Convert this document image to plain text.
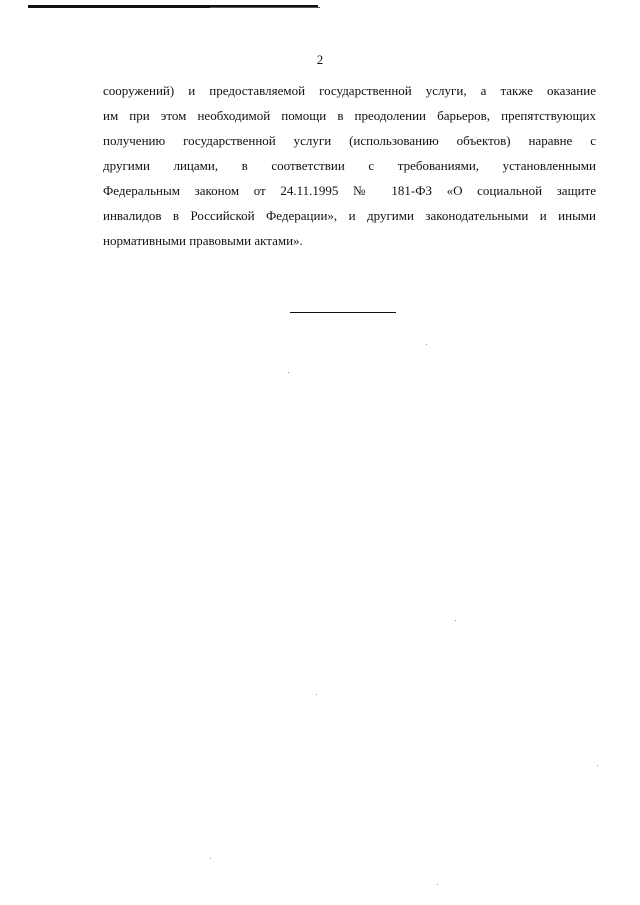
2
сооружений) и предоставляемой государственной услуги, а также оказание
им при этом необходимой помощи в преодолении барьеров, препятствующих
получению государственной услуги (использованию объектов) наравне с
другими лицами, в соответствии с требованиями, установленными
Федеральным законом от 24.11.1995 № 181-ФЗ «О социальной защите
инвалидов в Российской Федерации», и другими законодательными и иными
нормативными правовыми актами».
